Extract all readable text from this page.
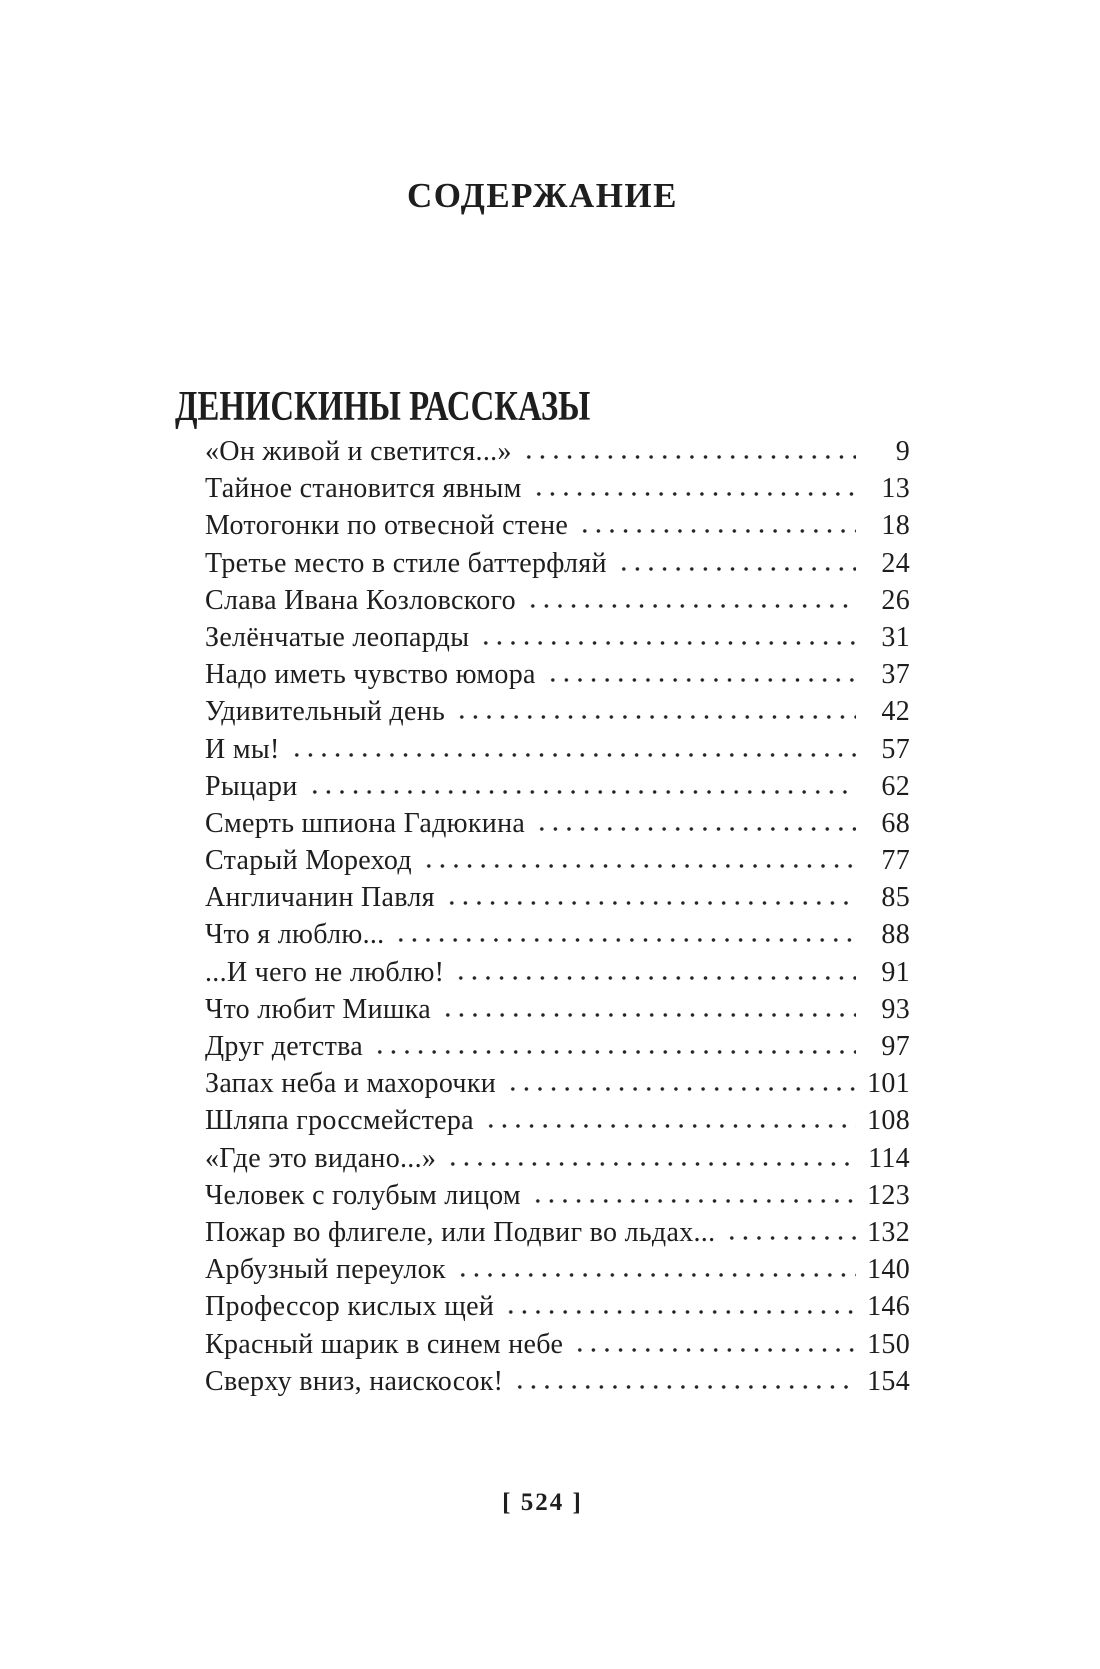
СОДЕРЖАНИЕ
ДЕНИСКИНЫ РАССКАЗЫ
«Он живой и светится...»	9
Тайное становится явным	13
Мотогонки по отвесной стене	18
Третье место в стиле баттерфляй	24
Слава Ивана Козловского	26
Зелёнчатые леопарды	31
Надо иметь чувство юмора	37
Удивительный день	42
И мы!	57
Рыцари	62
Смерть шпиона Гадюкина	68
Старый Мореход	77
Англичанин Павля	85
Что я люблю...	88
...И чего не люблю!	91
Что любит Мишка	93
Друг детства	97
Запах неба и махорочки	101
Шляпа гроссмейстера	108
«Где это видано...»	114
Человек с голубым лицом	123
Пожар во флигеле, или Подвиг во льдах...	132
Арбузный переулок	140
Профессор кислых щей	146
Красный шарик в синем небе	150
Сверху вниз, наискосок!	154
[ 524 ]
